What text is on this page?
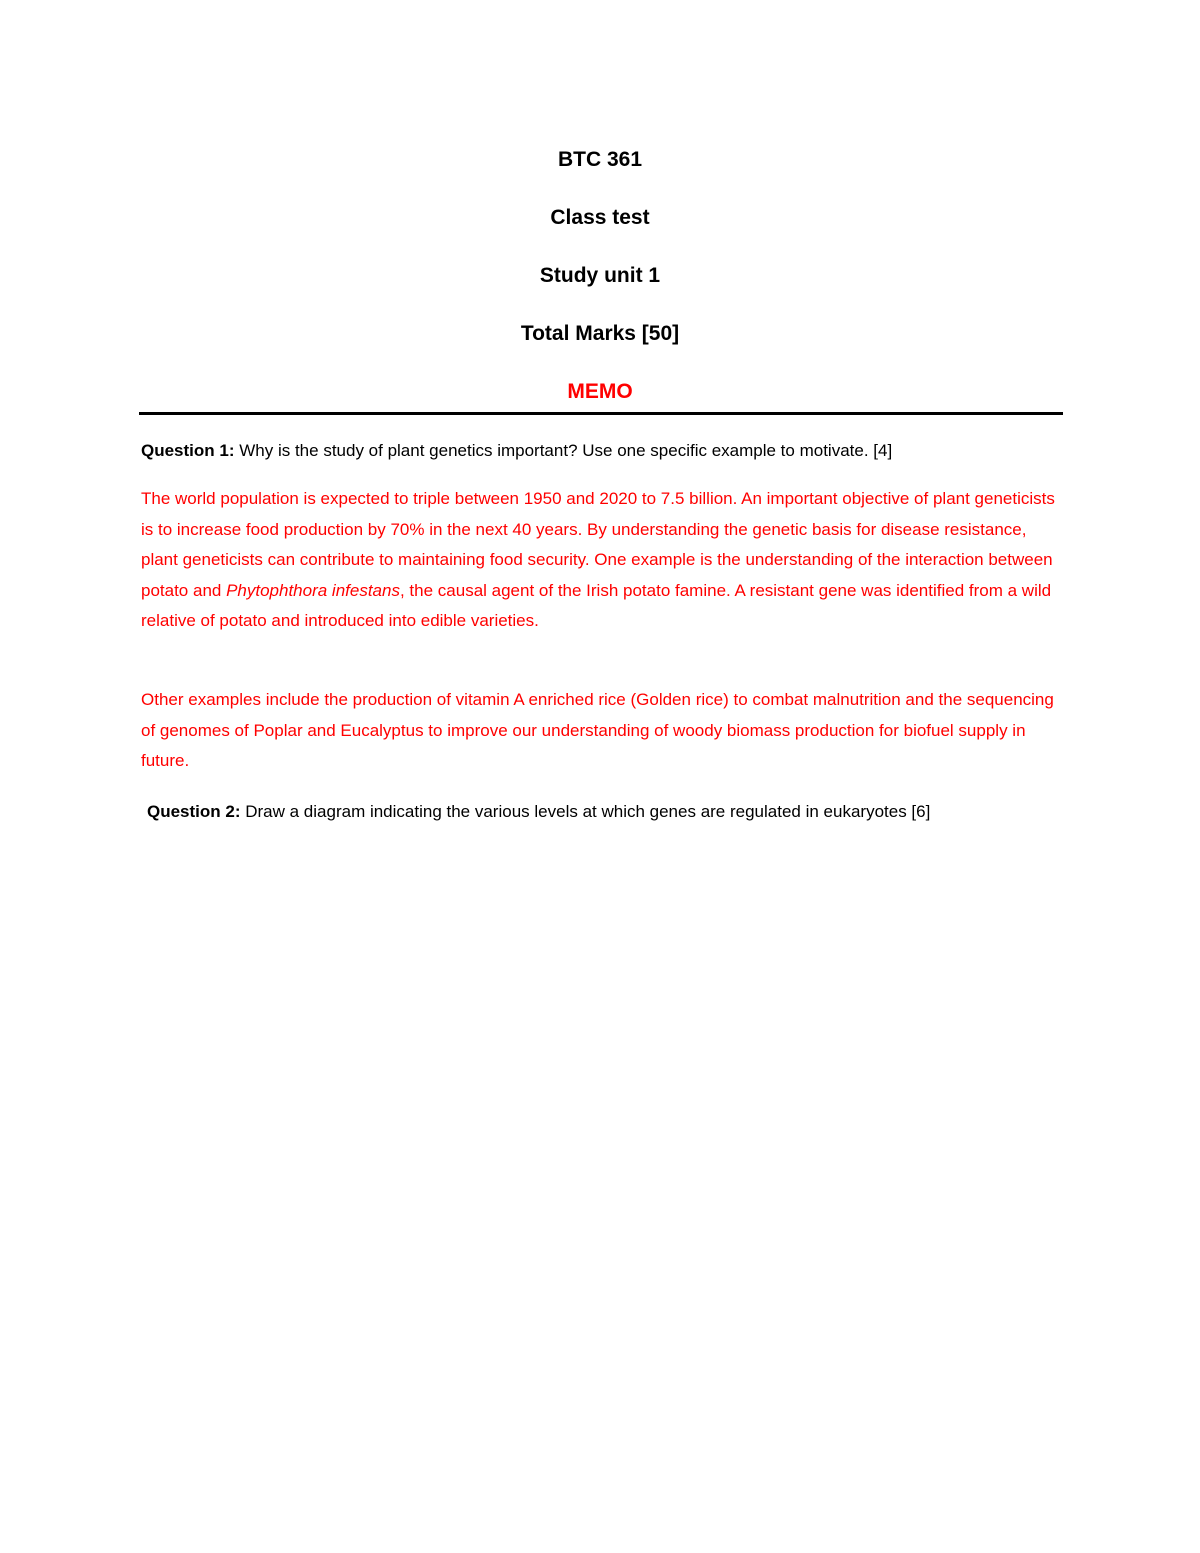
BTC 361

Class test

Study unit 1

Total Marks [50]

MEMO

Question 1: Why is the study of plant genetics important? Use one specific example to motivate. [4]

The world population is expected to triple between 1950 and 2020 to 7.5 billion. An important objective of plant geneticists is to increase food production by 70% in the next 40 years. By understanding the genetic basis for disease resistance, plant geneticists can contribute to maintaining food security. One example is the understanding of the interaction between potato and Phytophthora infestans, the causal agent of the Irish potato famine. A resistant gene was identified from a wild relative of potato and introduced into edible varieties.

Other examples include the production of vitamin A enriched rice (Golden rice) to combat malnutrition and the sequencing of genomes of Poplar and Eucalyptus to improve our understanding of woody biomass production for biofuel supply in future.

Question 2: Draw a diagram indicating the various levels at which genes are regulated in eukaryotes [6]
